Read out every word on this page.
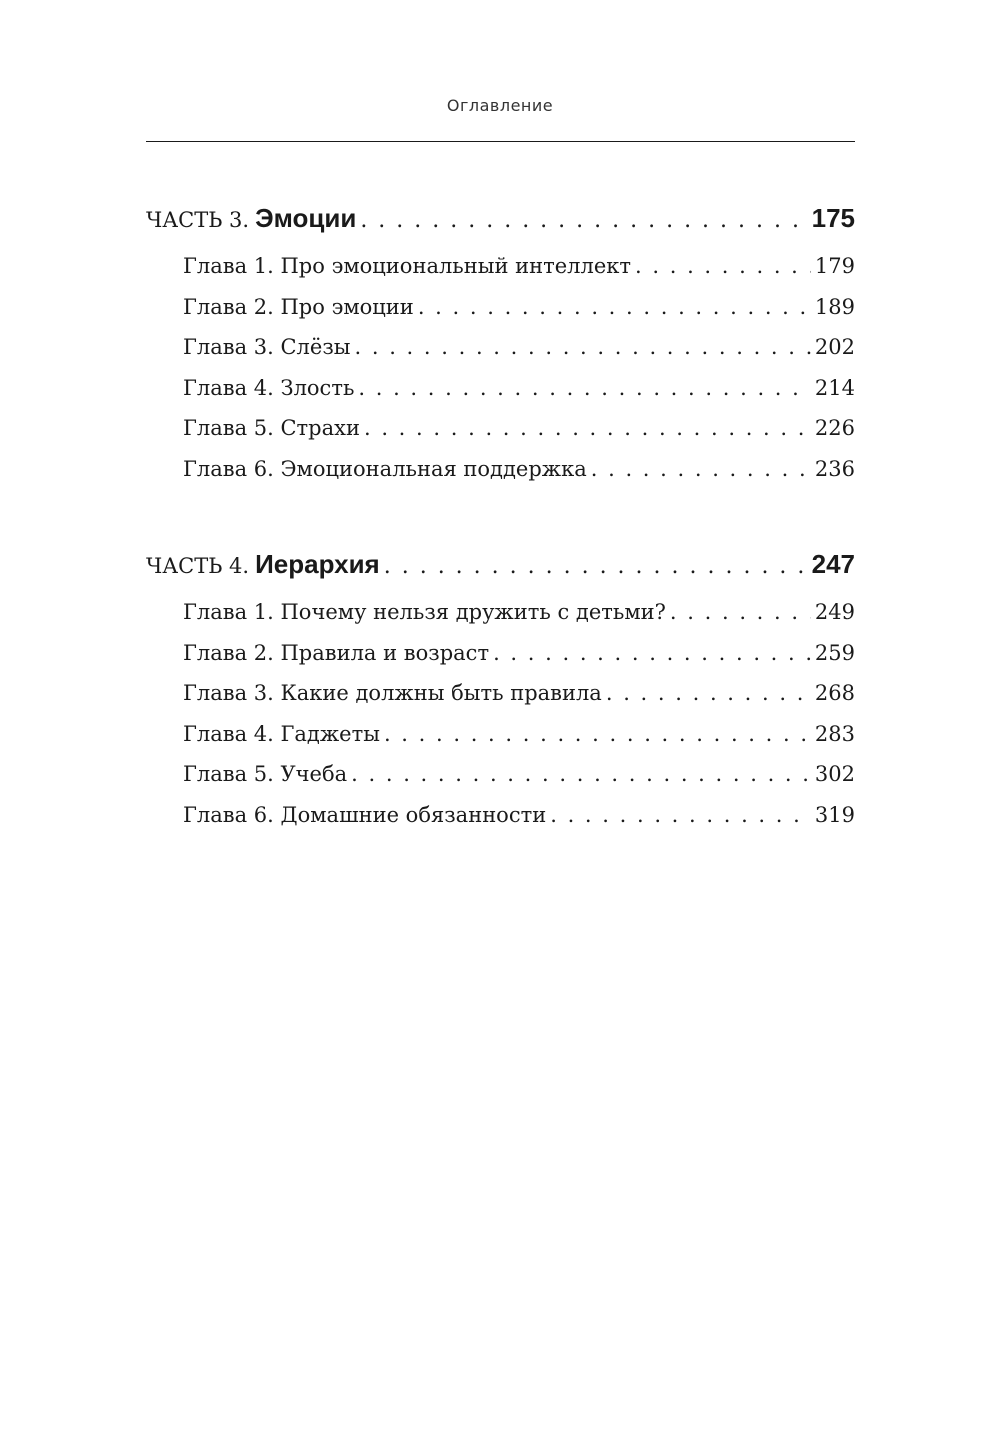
Оглавление
ЧАСТЬ 3. Эмоции . . .	175
Глава 1. Про эмоциональный интеллект . . .	179
Глава 2. Про эмоции . . .	189
Глава 3. Слёзы . . .	202
Глава 4. Злость . . .	214
Глава 5. Страхи . . .	226
Глава 6. Эмоциональная поддержка . . .	236
ЧАСТЬ 4. Иерархия . . .	247
Глава 1. Почему нельзя дружить с детьми? . . .	249
Глава 2. Правила и возраст . . .	259
Глава 3. Какие должны быть правила . . .	268
Глава 4. Гаджеты . . .	283
Глава 5. Учеба . . .	302
Глава 6. Домашние обязанности . . .	319
